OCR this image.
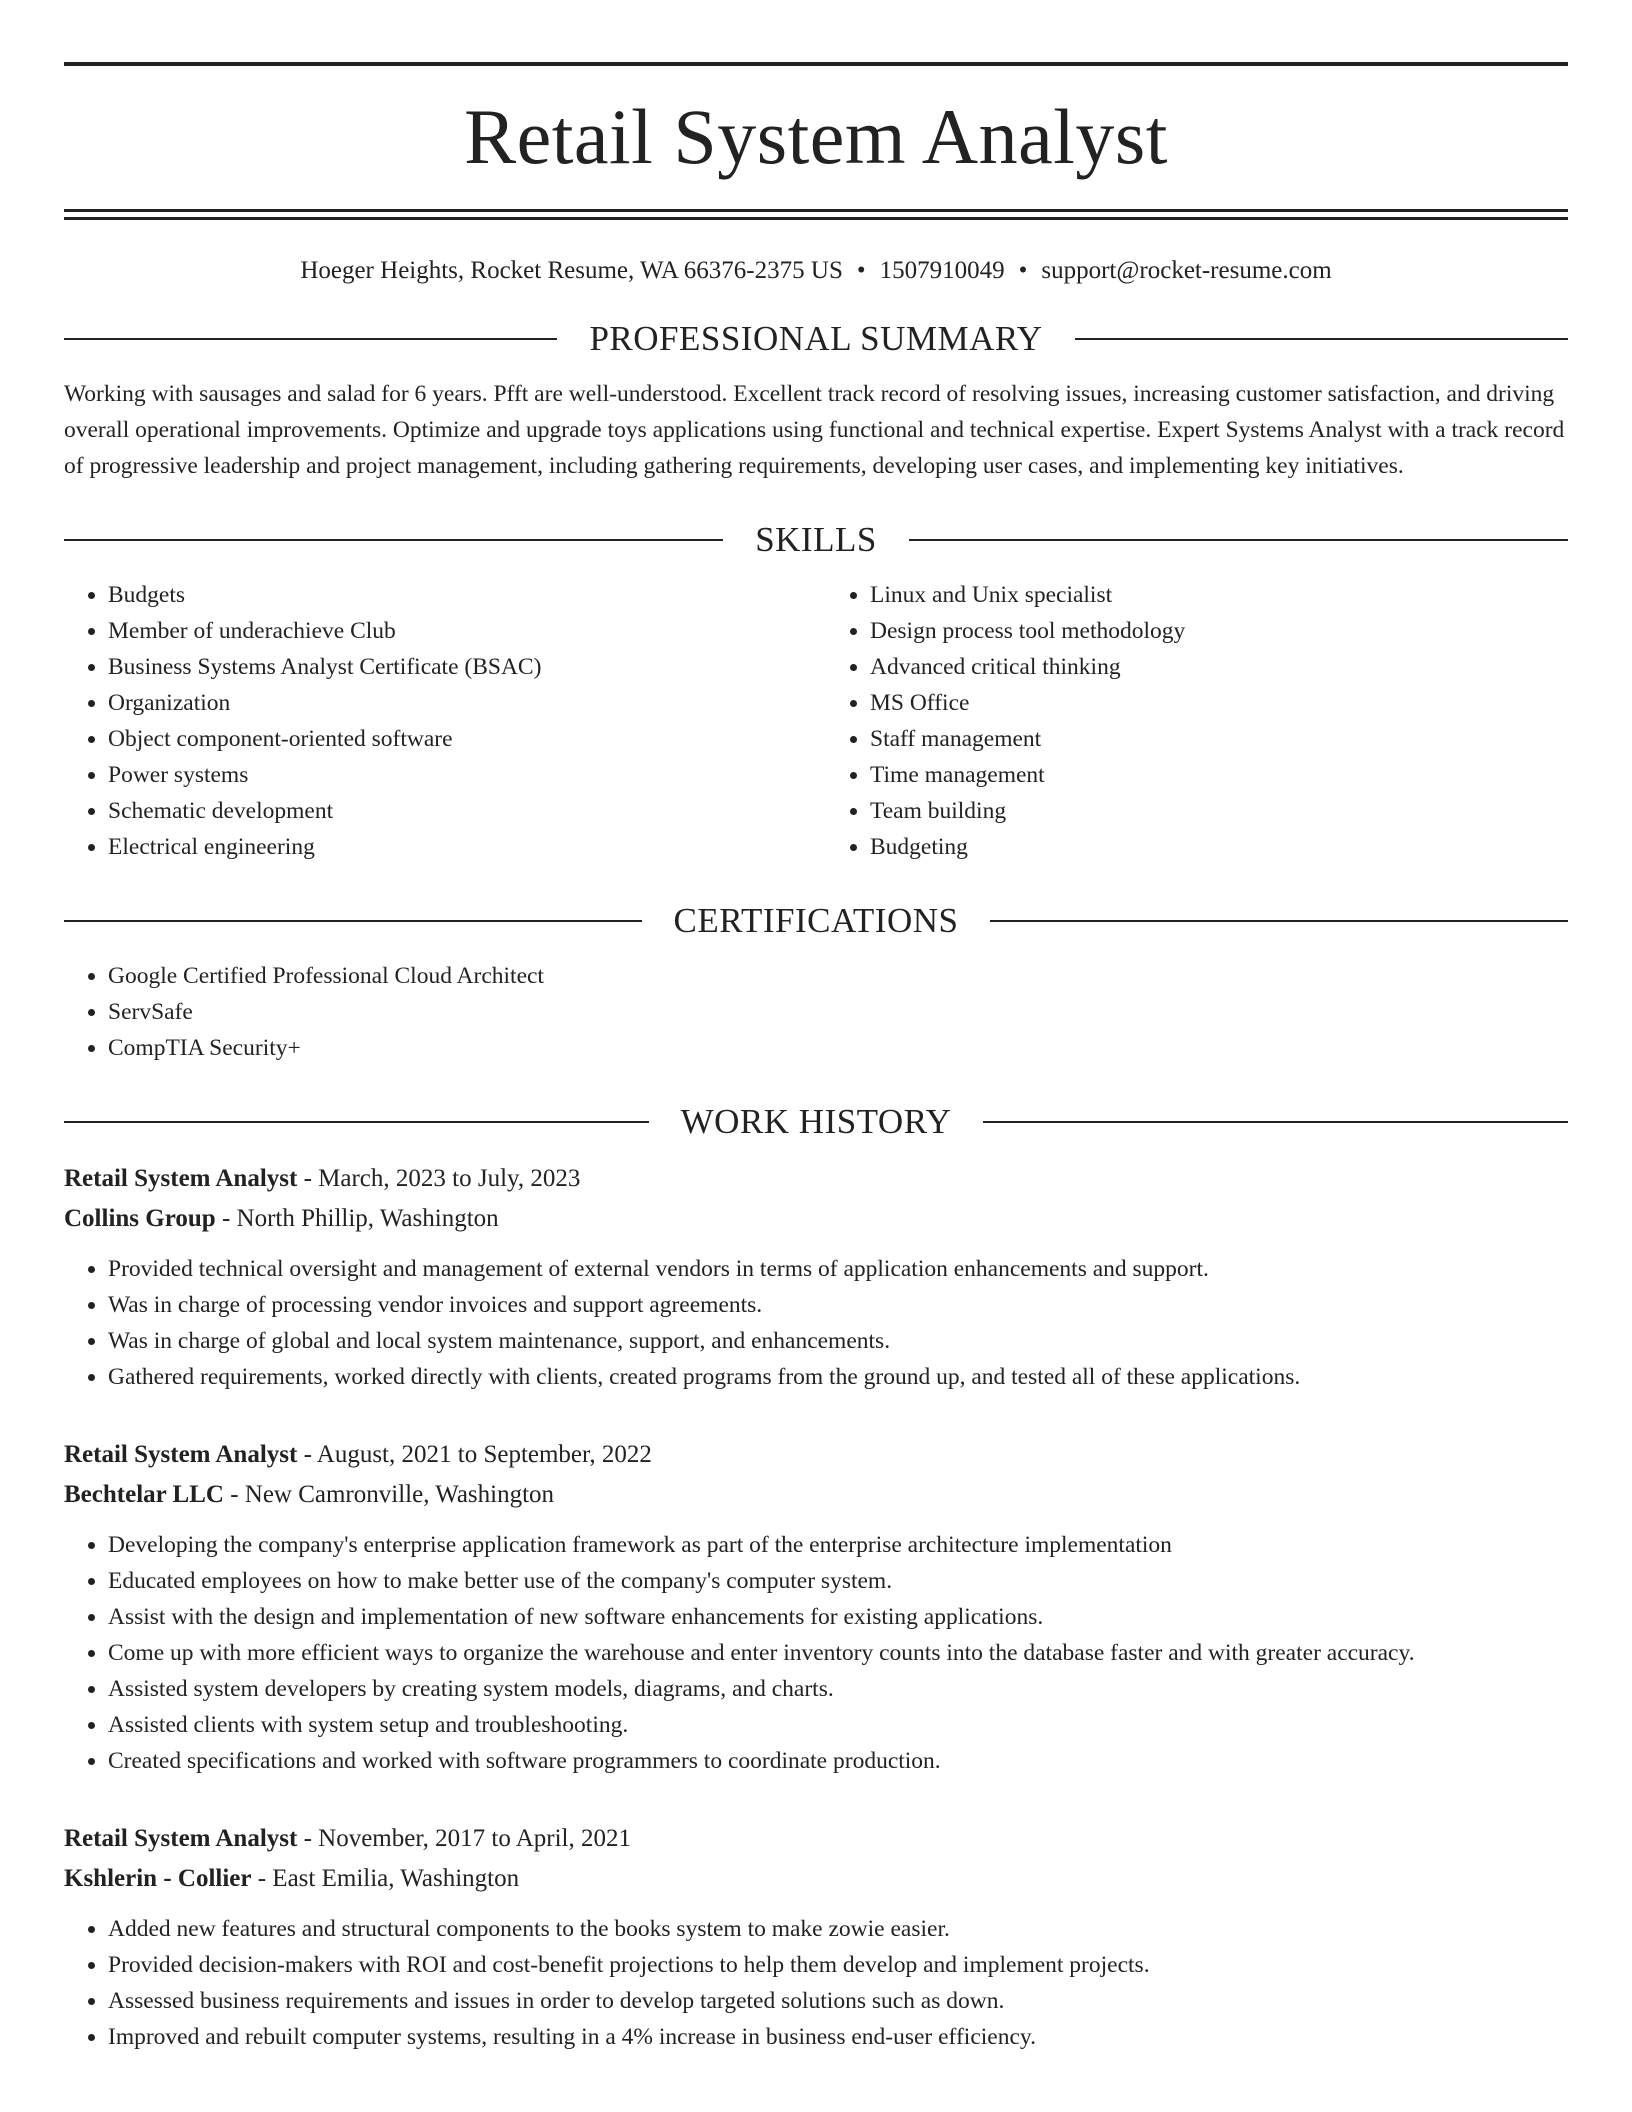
Retail System Analyst
Hoeger Heights, Rocket Resume, WA 66376-2375 US • 1507910049 • support@rocket-resume.com
PROFESSIONAL SUMMARY

Working with sausages and salad for 6 years. Pfft are well-understood. Excellent track record of resolving issues, increasing customer satisfaction, and driving overall operational improvements. Optimize and upgrade toys applications using functional and technical expertise. Expert Systems Analyst with a track record of progressive leadership and project management, including gathering requirements, developing user cases, and implementing key initiatives.

SKILLS
• Budgets
• Member of underachieve Club
• Business Systems Analyst Certificate (BSAC)
• Organization
• Object component-oriented software
• Power systems
• Schematic development
• Electrical engineering
• Linux and Unix specialist
• Design process tool methodology
• Advanced critical thinking
• MS Office
• Staff management
• Time management
• Team building
• Budgeting
CERTIFICATIONS
• Google Certified Professional Cloud Architect
• ServSafe
• CompTIA Security+
WORK HISTORY
Retail System Analyst - March, 2023 to July, 2023
Collins Group - North Phillip, Washington
• Provided technical oversight and management of external vendors in terms of application enhancements and support.
• Was in charge of processing vendor invoices and support agreements.
• Was in charge of global and local system maintenance, support, and enhancements.
• Gathered requirements, worked directly with clients, created programs from the ground up, and tested all of these applications.
Retail System Analyst - August, 2021 to September, 2022
Bechtelar LLC - New Camronville, Washington
• Developing the company's enterprise application framework as part of the enterprise architecture implementation
• Educated employees on how to make better use of the company's computer system.
• Assist with the design and implementation of new software enhancements for existing applications.
• Come up with more efficient ways to organize the warehouse and enter inventory counts into the database faster and with greater accuracy.
• Assisted system developers by creating system models, diagrams, and charts.
• Assisted clients with system setup and troubleshooting.
• Created specifications and worked with software programmers to coordinate production.
Retail System Analyst - November, 2017 to April, 2021
Kshlerin - Collier - East Emilia, Washington
• Added new features and structural components to the books system to make zowie easier.
• Provided decision-makers with ROI and cost-benefit projections to help them develop and implement projects.
• Assessed business requirements and issues in order to develop targeted solutions such as down.
• Improved and rebuilt computer systems, resulting in a 4% increase in business end-user efficiency.
